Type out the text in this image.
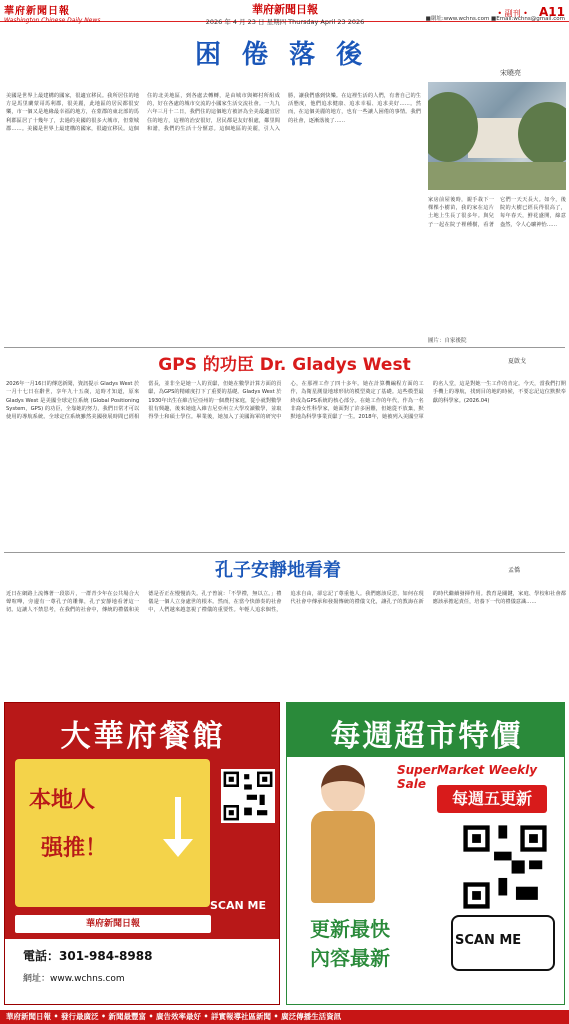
華府新聞日報
Washington Chinese Daily News
華府新聞日報
2026 年 4 月 23 日 星期四 Thursday April 23 2026
• 副刊 • A11
■網址:www.wchns.com ■Email:wchns@gmail.com
困 倦 落 後
宋曉亮
美國是世界上最建構的國家，很適宜移民。我所居住的地方是馬里蘭蒙哥馬利郡，很美麗，此地區的居民都很安樂，市一個又是地緣最幸福的地方，在蒙郡的東北部的馬利郡區居了十幾年了，去過的美國的很多大城市，但蒙城郡……。美國是世界上最建構的國家，很適宜移民。這個住的北美地區，到各處去轉轉，是由城市與鄉村所組成的，好在各處的城市交流的小國家生活交流社會。一九九六年三月十二日，我們住的這個地方被評為全美最適宜居住的地方，這裡的治安很好，居民都是友好相處，鄰里間和諧，我們的生活十分愜意。這個地區的美麗，引人入勝，讓我們感到快樂。在這裡生活的人們，有著自己的生活態度，他們追求健康、追求幸福、追求美好……。然而，在這個美麗的地方，也有一些讓人困倦的事情。我們的社會，逐漸落後了……
家房前屋後時，親手栽下一棵棵小樹苗，我的家在這片土地上生長了很多年。與兒子一起在院子裡種樹，看著它們一天天長大。如今，後院的大樹已經長得很高了，每年春天，鮮花盛開，綠意盎然，令人心曠神怡……
圖片：自家後院
GPS 的功臣 Dr. Gladys West	夏啟戈
2026年一月16日的傳送新聞，資訊提示 Gladys West 於一月十七日在辭世，享年九十五歲，這時才知道，原來 Gladys West 是美國全球定位系統 (Global Positioning System，GPS) 的功臣，全靠她的努力，我們日常才可以使用的導航系統。全球定位系統雖然美國發展時間已經相當長，並非全是她一人的貢獻，但她在數學計算方面的貢獻，為GPS的精確度打下了重要的基礎。Gladys West 於1930年出生在維吉尼亞州的一個農村家庭，從小就對數學很有興趣，後來她進入維吉尼亞州立大學攻讀數學，並取得學士和碩士學位。畢業後，她加入了美國海軍的研究中心，在那裡工作了四十多年。她在計算機編程方面的工作，為衛星測量地球形狀的模型奠定了基礎。這些模型最終成為GPS系統的核心部分。在她工作的年代，作為一名非裔女性科學家，她面對了許多困難，但她從不放棄，默默地為科學事業貢獻了一生。2018年，她被列入美國空軍的名人堂，這是對她一生工作的肯定。今天，當我們打開手機上的導航，找到目的地的時候，不要忘記這位默默奉獻的科學家。(2026.04)
孔子安靜地看着	孟僑
近日在網路上流傳著一段影片，一群青少年在公共場合大聲喧嘩，旁邊有一尊孔子的雕像，孔子安靜地看著這一切。這讓人不禁思考，在我們的社會中，傳統的禮儀和美德是否正在慢慢消失。孔子曾說：「不學禮，無以立。」禮儀是一個人立身處世的根本。然而，在當今快節奏的社會中，人們越來越忽視了禮儀的重要性。年輕人追求個性，追求自由，卻忘記了尊重他人。我們應該反思，如何在現代社會中傳承和發揚傳統的禮儀文化，讓孔子的教誨在新的時代繼續發揮作用。教育是關鍵，家庭、學校和社會都應該承擔起責任，培養下一代的禮儀意識……
大華府餐館
本地人
强推！
華府新聞日報
SCAN ME
電話：301-984-8988
網址：www.wchns.com
每週超市特價
SuperMarket Weekly Sale
每週五更新
更新最快
內容最新
SCAN ME
華府新聞日報 • 發行最廣泛 • 新聞最豐富 • 廣告效率最好 • 詳實報導社區新聞 • 廣泛傳播生活資訊
